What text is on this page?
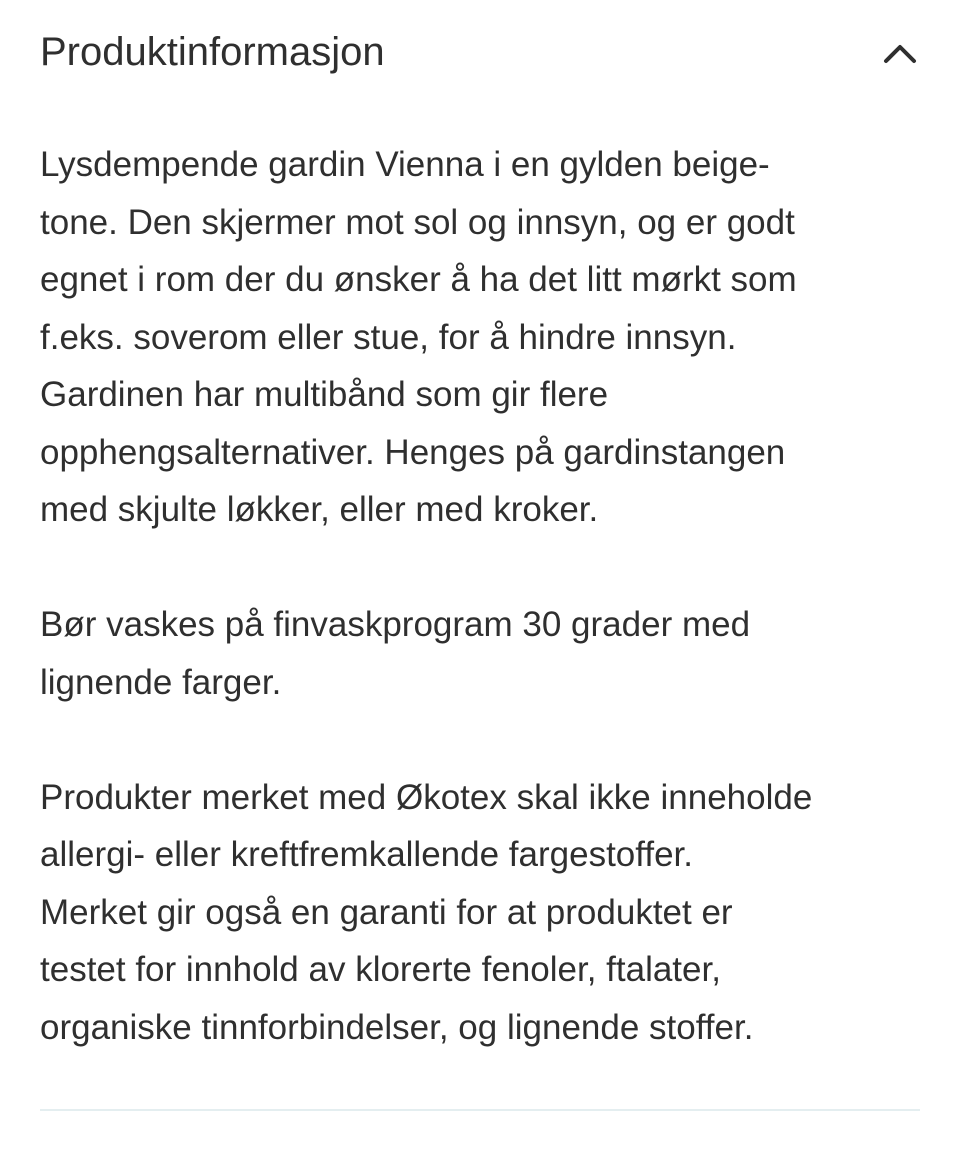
Produktinformasjon

Lysdempende gardin Vienna i en gylden beige-
tone. Den skjermer mot sol og innsyn, og er godt
egnet i rom der du ønsker å ha det litt mørkt som
f.eks. soverom eller stue, for å hindre innsyn.
Gardinen har multibånd som gir flere
opphengsalternativer. Henges på gardinstangen
med skjulte løkker, eller med kroker.

Bør vaskes på finvaskprogram 30 grader med
lignende farger.

Produkter merket med Økotex skal ikke inneholde
allergi- eller kreftfremkallende fargestoffer.
Merket gir også en garanti for at produktet er
testet for innhold av klorerte fenoler, ftalater,
organiske tinnforbindelser, og lignende stoffer.
